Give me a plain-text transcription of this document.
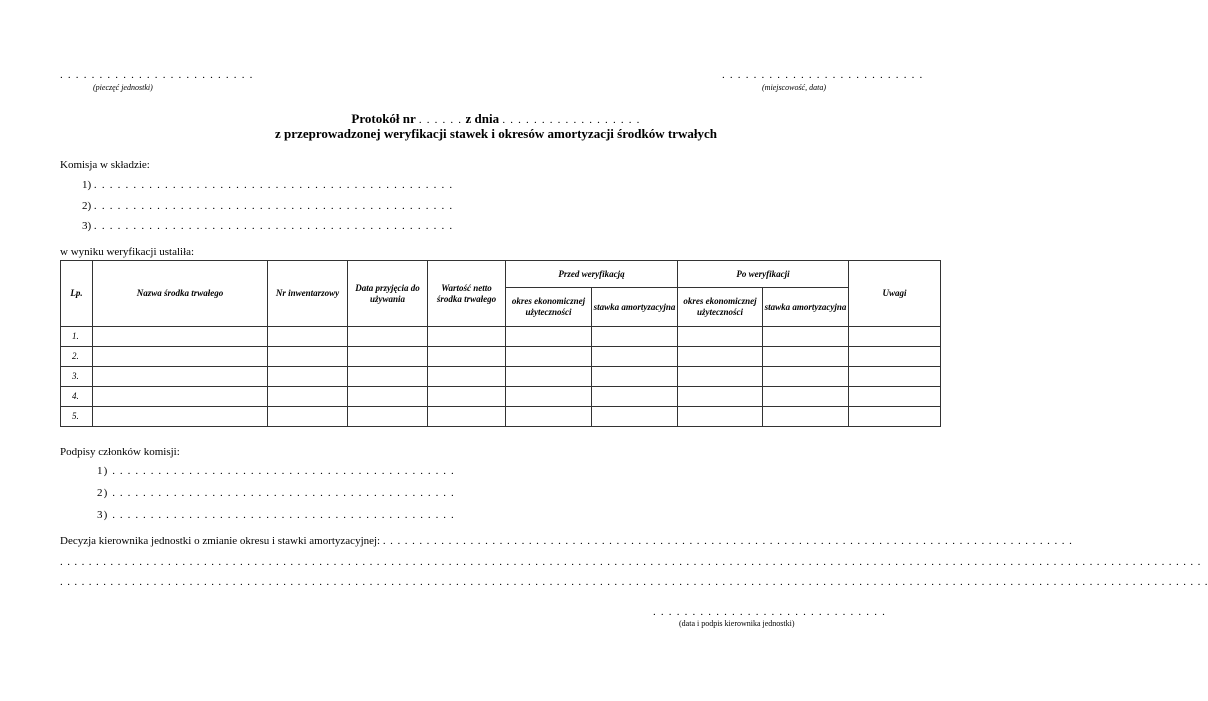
. . . . . . . . . . . . . . . . . . . . . . . . .
(pieczęć jednostki)
. . . . . . . . . . . . . . . . . . . . . . . . . .
(miejscowość, data)
Protokół nr . . . . . . z dnia . . . . . . . . . . . . . . . . . .
z przeprowadzonej weryfikacji stawek i okresów amortyzacji środków trwałych
Komisja w składzie:
1) . . . . . . . . . . . . . . . . . . . . . . . . . . . . . . . . . . . . . . . . . . . . . .
2) . . . . . . . . . . . . . . . . . . . . . . . . . . . . . . . . . . . . . . . . . . . . . .
3) . . . . . . . . . . . . . . . . . . . . . . . . . . . . . . . . . . . . . . . . . . . . . .
w wyniku weryfikacji ustaliła:
Lp.	Nazwa środka trwałego	Nr inwentarzowy	Data przyjęcia do używania	Wartość netto środka trwałego	Przed weryfikacją		Po weryfikacji		Uwagi
					okres ekonomicznej użyteczności	stawka amortyzacyjna	okres ekonomicznej użyteczności	stawka amortyzacyjna	
1.									
2.									
3.									
4.									
5.									
Podpisy członków komisji:
1) . . . . . . . . . . . . . . . . . . . . . . . . . . . . . . . . . . . . . . . . . . . . .
2) . . . . . . . . . . . . . . . . . . . . . . . . . . . . . . . . . . . . . . . . . . . . .
3) . . . . . . . . . . . . . . . . . . . . . . . . . . . . . . . . . . . . . . . . . . . . .
Decyzja kierownika jednostki o zmianie okresu i stawki amortyzacyjnej: . . . . . . . . . . . . . . . . . . . . . . . . . . . . . . . . . . . . . . . . . . . . . . . . . . . . . . . . . . . . . . . . . . . . . . . . . . . . . . . . . . . . . . . . . . . . . . .
. . . . . . . . . . . . . . . . . . . . . . . . . . . . . . . . . . . . . . . . . . . . . . . . . . . . . . . . . . . . . . . . . . . . . . . . . . . . . . . . . . . . . . . . . . . . . . . . . . . . . . . . . . . . . . . . . . . . . . . . . . . . . . . . . . . . . . . . . . . . . . . . . . . . . . . . . . . . . . .
. . . . . . . . . . . . . . . . . . . . . . . . . . . . . . . . . . . . . . . . . . . . . . . . . . . . . . . . . . . . . . . . . . . . . . . . . . . . . . . . . . . . . . . . . . . . . . . . . . . . . . . . . . . . . . . . . . . . . . . . . . . . . . . . . . . . . . . . . . . . . . . . . . . . . . . . . . . . . . . .
. . . . . . . . . . . . . . . . . . . . . . . . . . . . . .
(data i podpis kierownika jednostki)
